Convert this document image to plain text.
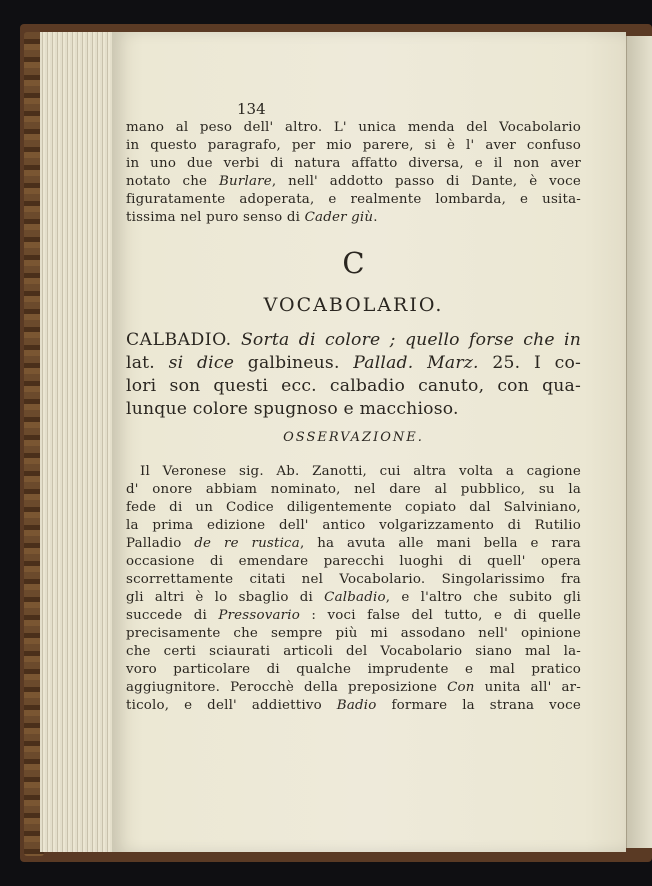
134
mano al peso dell' altro. L' unica menda del Vocabolario
in questo paragrafo, per mio parere, si è l' aver confuso
in uno due verbi di natura affatto diversa, e il non aver
notato che Burlare, nell' addotto passo di Dante, è voce
figuratamente adoperata, e realmente lombarda, e usita-
tissima nel puro senso di Cader giù.
C
VOCABOLARIO.
CALBADIO. Sorta di colore ; quello forse che in
lat. si dice galbineus. Pallad. Marz. 25. I co-
lori son questi ecc. calbadio canuto, con qua-
lunque colore spugnoso e macchioso.
OSSERVAZIONE.
Il Veronese sig. Ab. Zanotti, cui altra volta a cagione
d' onore abbiam nominato, nel dare al pubblico, su la
fede di un Codice diligentemente copiato dal Salviniano,
la prima edizione dell' antico volgarizzamento di Rutilio
Palladio de re rustica, ha avuta alle mani bella e rara
occasione di emendare parecchi luoghi di quell' opera
scorrettamente citati nel Vocabolario. Singolarissimo fra
gli altri è lo sbaglio di Calbadio, e l'altro che subito gli
succede di Pressovario : voci false del tutto, e di quelle
precisamente che sempre più mi assodano nell' opinione
che certi sciaurati articoli del Vocabolario siano mal la-
voro particolare di qualche imprudente e mal pratico
aggiugnitore. Perocchè della preposizione Con unita all' ar-
ticolo, e dell' addiettivo Badio formare la strana voce
